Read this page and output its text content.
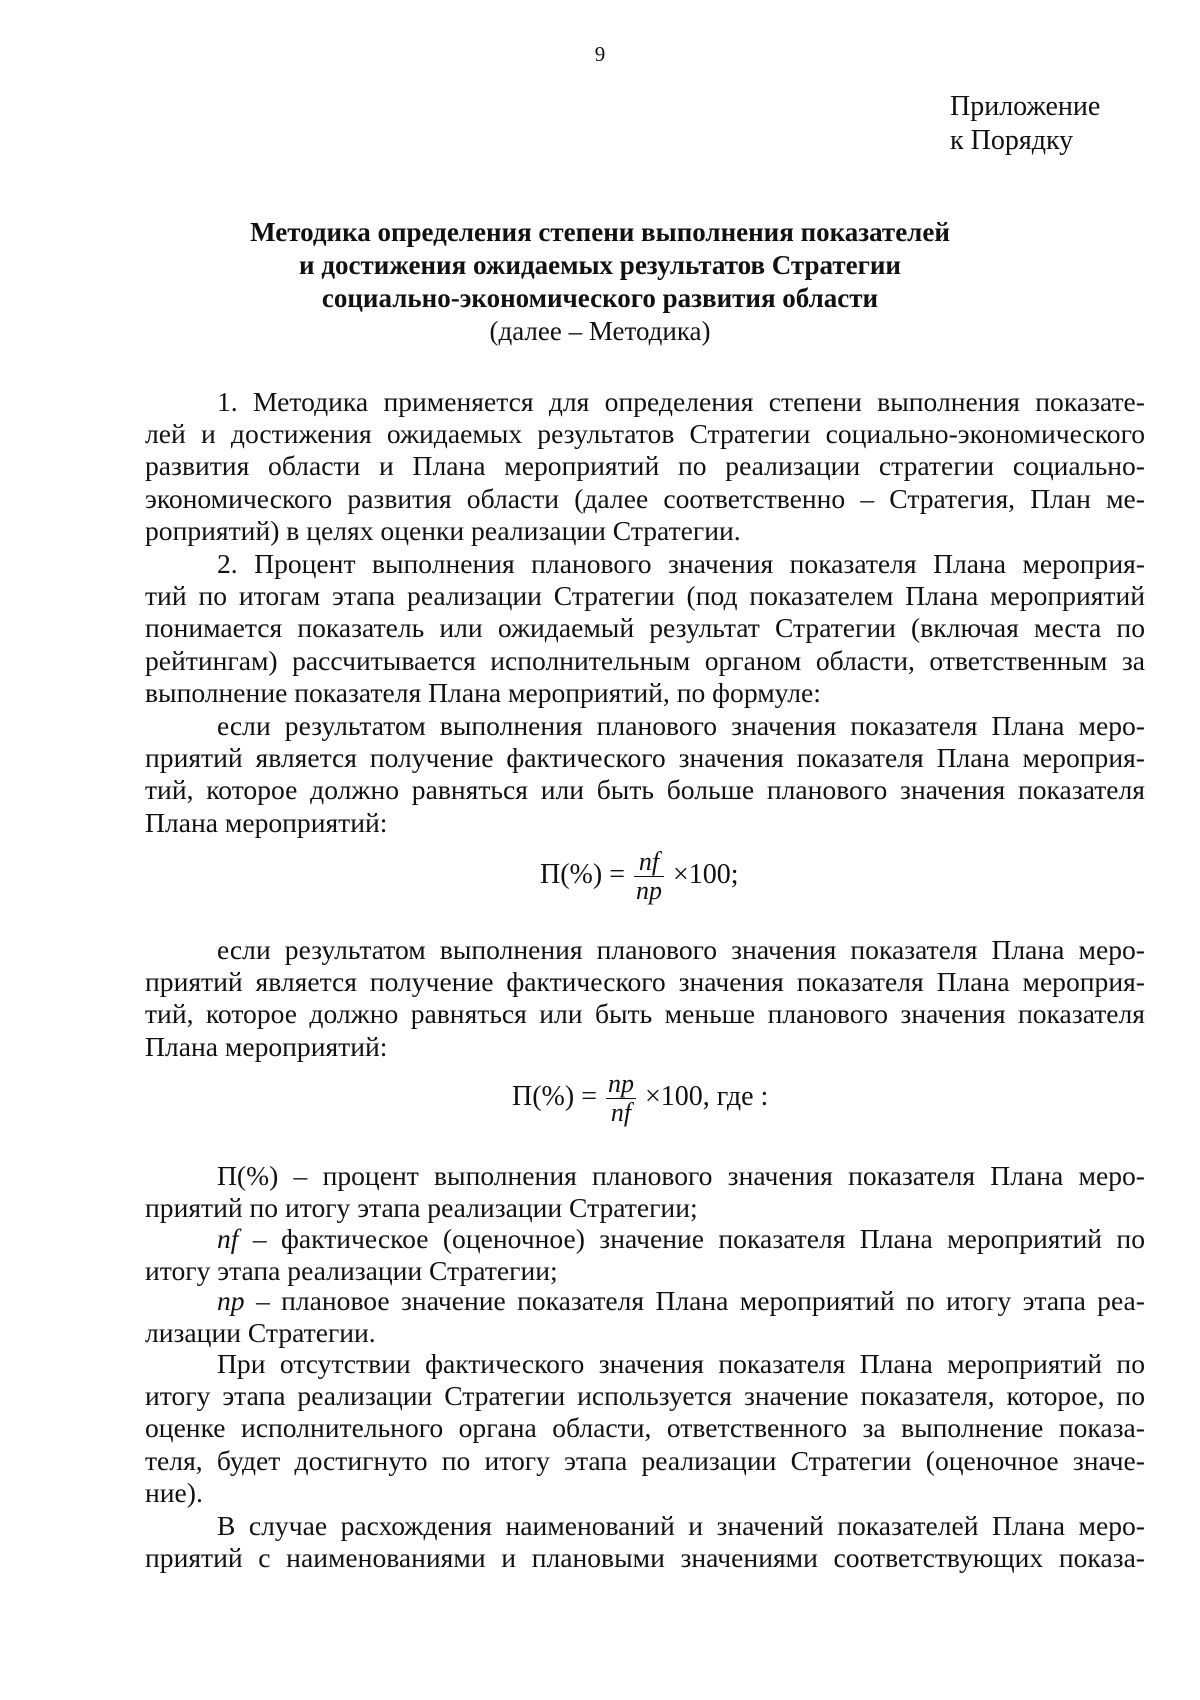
9
Приложение
к Порядку
Методика определения степени выполнения показателей
и достижения ожидаемых результатов Стратегии
социально-экономического развития области
(далее – Методика)
1. Методика применяется для определения степени выполнения показате-
лей и достижения ожидаемых результатов Стратегии социально-экономического
развития области и Плана мероприятий по реализации стратегии социально-
экономического развития области (далее соответственно – Стратегия, План ме-
роприятий) в целях оценки реализации Стратегии.
2. Процент выполнения планового значения показателя Плана мероприя-
тий по итогам этапа реализации Стратегии (под показателем Плана мероприятий
понимается показатель или ожидаемый результат Стратегии (включая места по
рейтингам) рассчитывается исполнительным органом области, ответственным за
выполнение показателя Плана мероприятий, по формуле:
если результатом выполнения планового значения показателя Плана меро-
приятий является получение фактического значения показателя Плана мероприя-
тий, которое должно равняться или быть больше планового значения показателя
Плана мероприятий:
$П(\%) = \frac{nf}{np} \times 100$;
если результатом выполнения планового значения показателя Плана меро-
приятий является получение фактического значения показателя Плана мероприя-
тий, которое должно равняться или быть меньше планового значения показателя
Плана мероприятий:
$П(\%) = \frac{np}{nf} \times 100$, где :
П(%) – процент выполнения планового значения показателя Плана меро-
приятий по итогу этапа реализации Стратегии;
nf – фактическое (оценочное) значение показателя Плана мероприятий по
итогу этапа реализации Стратегии;
np – плановое значение показателя Плана мероприятий по итогу этапа реа-
лизации Стратегии.
При отсутствии фактического значения показателя Плана мероприятий по
итогу этапа реализации Стратегии используется значение показателя, которое, по
оценке исполнительного органа области, ответственного за выполнение показа-
теля, будет достигнуто по итогу этапа реализации Стратегии (оценочное значе-
ние).
В случае расхождения наименований и значений показателей Плана меро-
приятий с наименованиями и плановыми значениями соответствующих показа-
